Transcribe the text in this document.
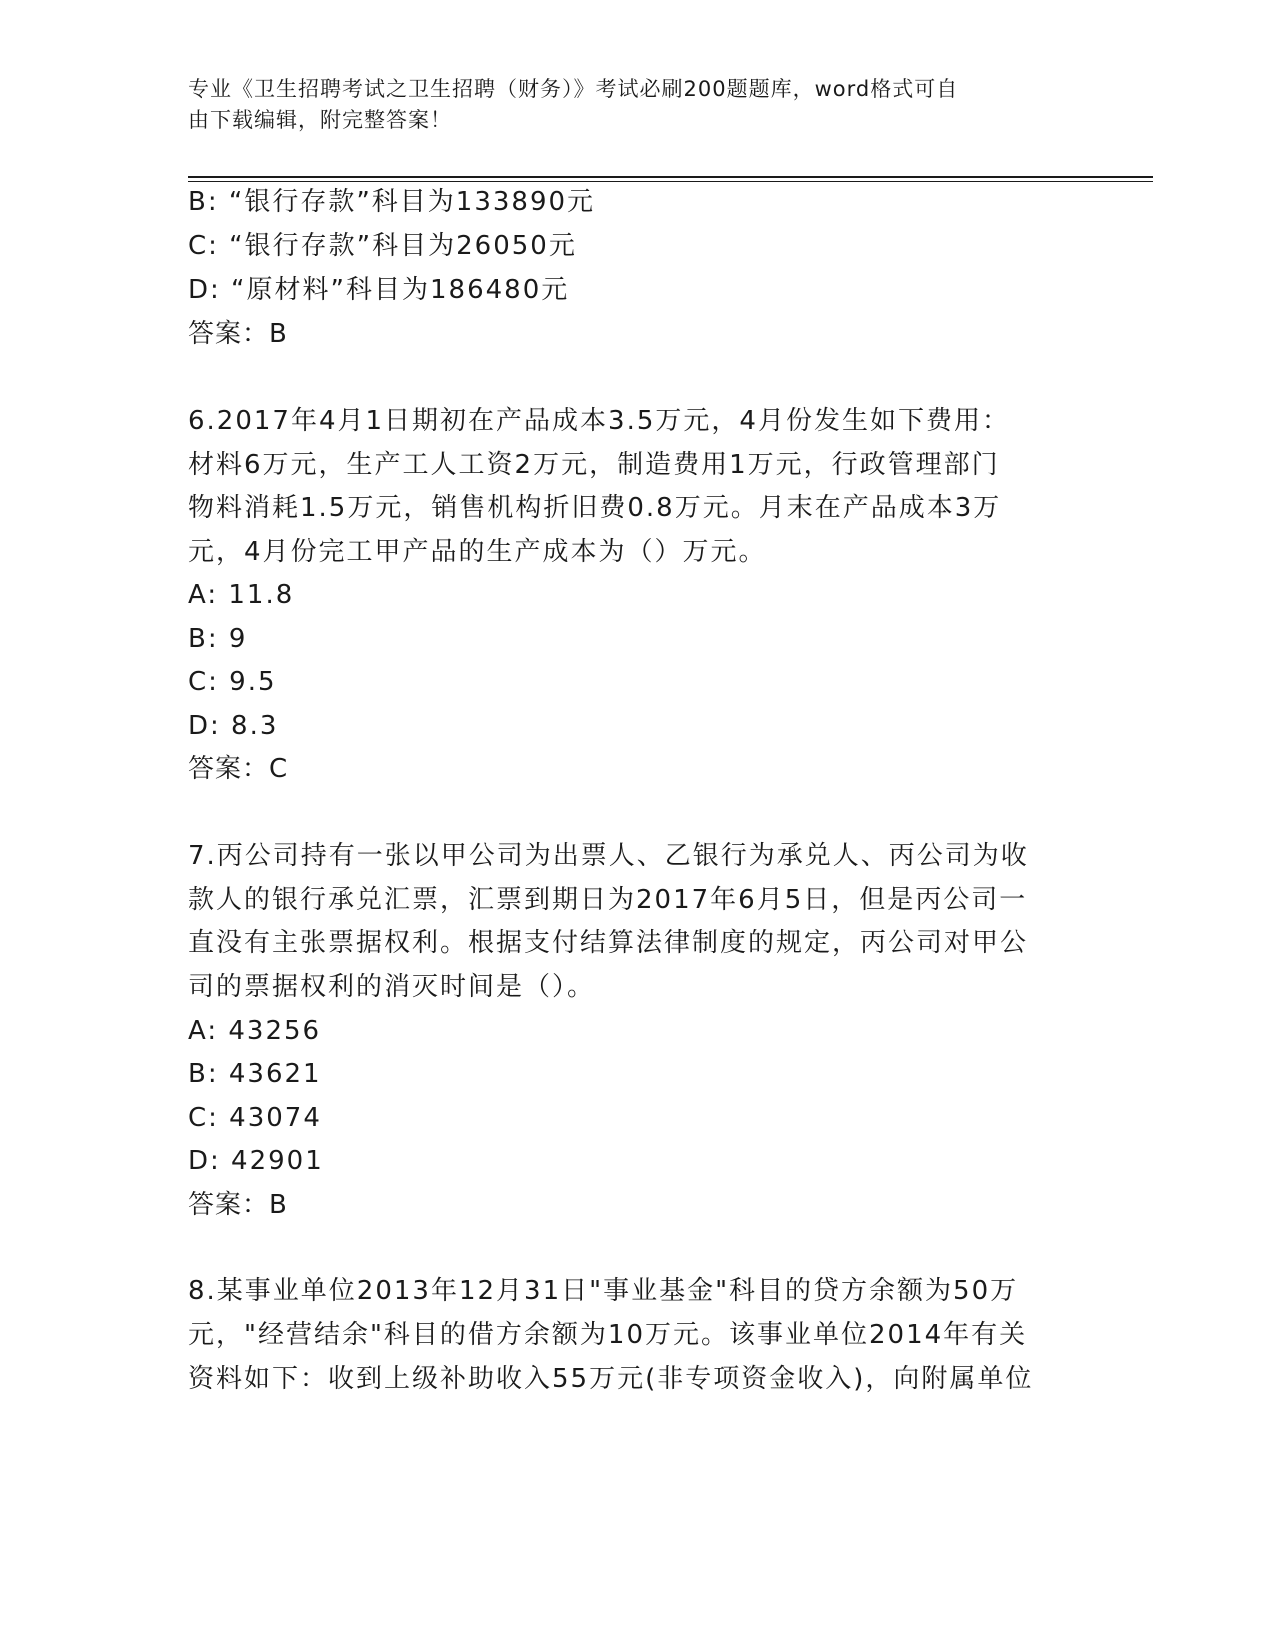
专业《卫生招聘考试之卫生招聘（财务）》考试必刷200题题库，word格式可自
由下载编辑，附完整答案！
B: “银行存款”科目为133890元
C: “银行存款”科目为26050元
D: “原材料”科目为186480元
答案：B
6.2017年4月1日期初在产品成本3.5万元，4月份发生如下费用：
材料6万元，生产工人工资2万元，制造费用1万元，行政管理部门
物料消耗1.5万元，销售机构折旧费0.8万元。月末在产品成本3万
元，4月份完工甲产品的生产成本为（）万元。
A: 11.8
B: 9
C: 9.5
D: 8.3
答案：C
7.丙公司持有一张以甲公司为出票人、乙银行为承兑人、丙公司为收
款人的银行承兑汇票，汇票到期日为2017年6月5日，但是丙公司一
直没有主张票据权利。根据支付结算法律制度的规定，丙公司对甲公
司的票据权利的消灭时间是（）。
A: 43256
B: 43621
C: 43074
D: 42901
答案：B
8.某事业单位2013年12月31日"事业基金"科目的贷方余额为50万
元，"经营结余"科目的借方余额为10万元。该事业单位2014年有关
资料如下：收到上级补助收入55万元(非专项资金收入)，向附属单位
